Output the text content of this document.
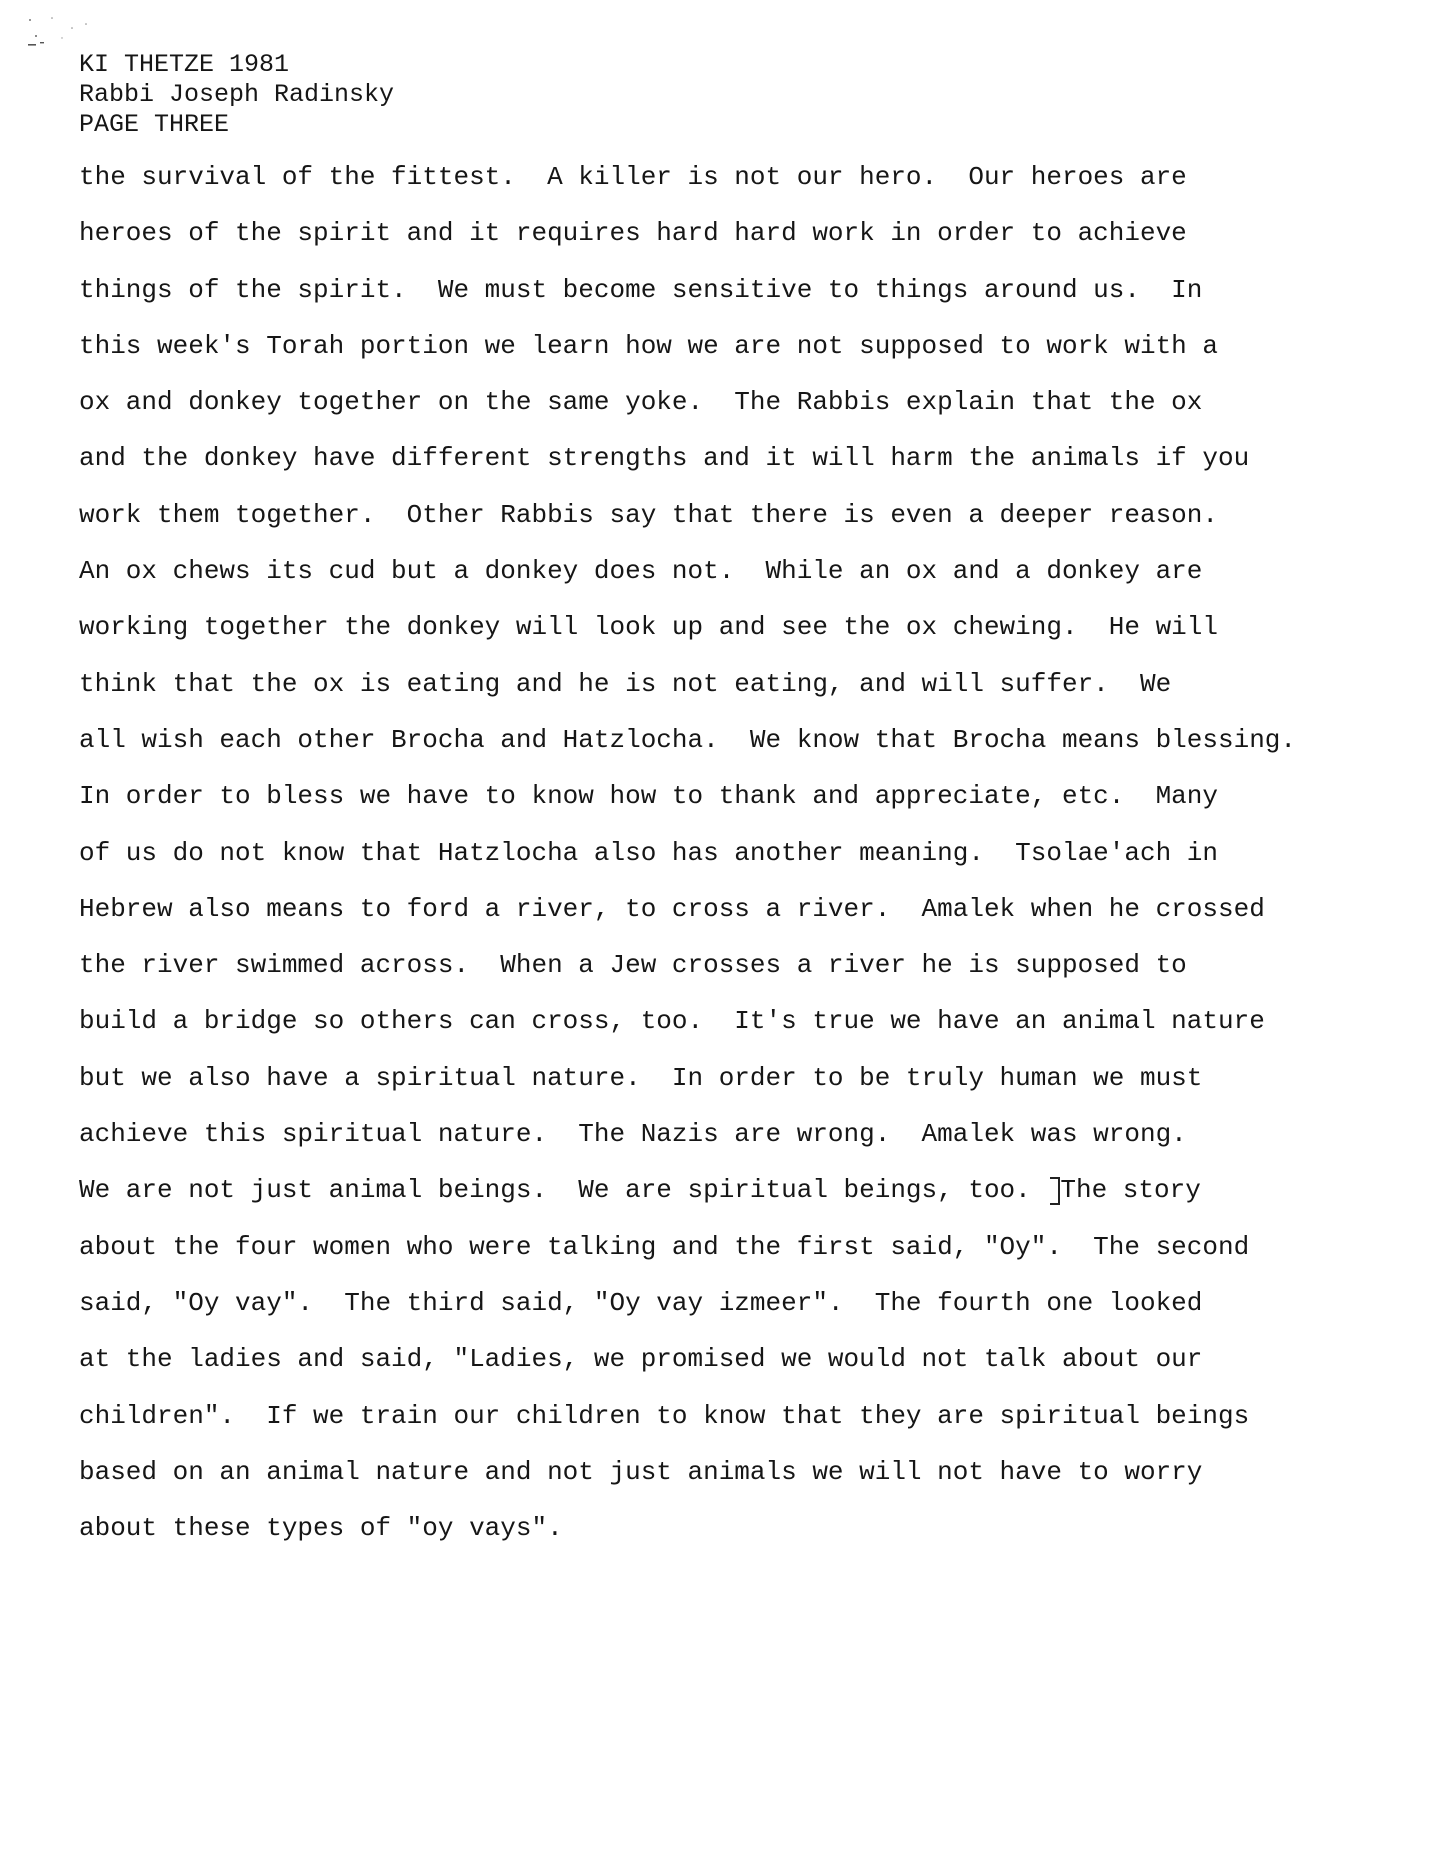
KI THETZE 1981
Rabbi Joseph Radinsky
PAGE THREE
the survival of the fittest.  A killer is not our hero.  Our heroes are
heroes of the spirit and it requires hard hard work in order to achieve
things of the spirit.  We must become sensitive to things around us.  In
this week's Torah portion we learn how we are not supposed to work with a
ox and donkey together on the same yoke.  The Rabbis explain that the ox
and the donkey have different strengths and it will harm the animals if you
work them together.  Other Rabbis say that there is even a deeper reason.
An ox chews its cud but a donkey does not.  While an ox and a donkey are
working together the donkey will look up and see the ox chewing.  He will
think that the ox is eating and he is not eating, and will suffer.  We
all wish each other Brocha and Hatzlocha.  We know that Brocha means blessing.
In order to bless we have to know how to thank and appreciate, etc.  Many
of us do not know that Hatzlocha also has another meaning.  Tsolae'ach in
Hebrew also means to ford a river, to cross a river.  Amalek when he crossed
the river swimmed across.  When a Jew crosses a river he is supposed to
build a bridge so others can cross, too.  It's true we have an animal nature
but we also have a spiritual nature.  In order to be truly human we must
achieve this spiritual nature.  The Nazis are wrong.  Amalek was wrong.
We are not just animal beings.  We are spiritual beings, too. The story
about the four women who were talking and the first said, "Oy".  The second
said, "Oy vay".  The third said, "Oy vay izmeer".  The fourth one looked
at the ladies and said, "Ladies, we promised we would not talk about our
children".  If we train our children to know that they are spiritual beings
based on an animal nature and not just animals we will not have to worry
about these types of "oy vays".
